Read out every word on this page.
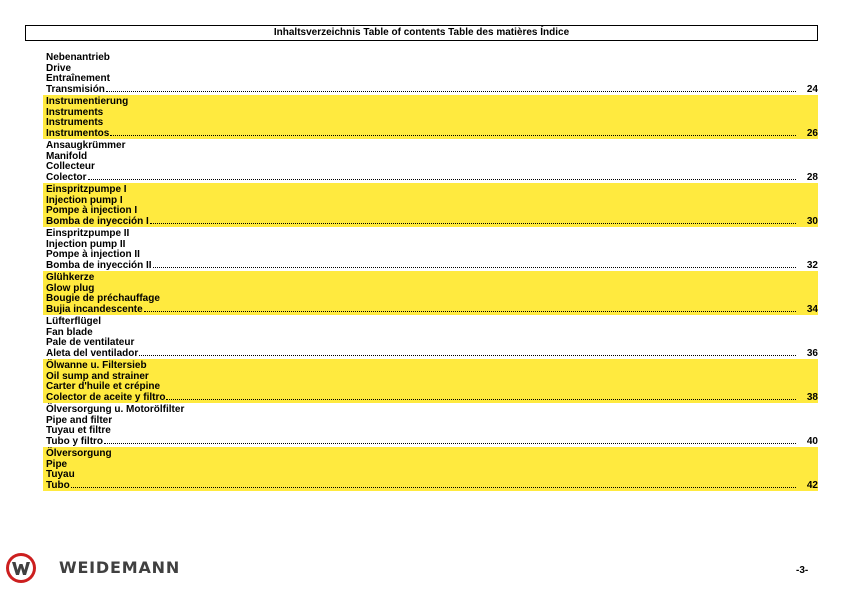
Inhaltsverzeichnis Table of contents Table des matières Índice
Nebenantrieb
Drive
Entraînement
Transmisión	24
Instrumentierung
Instruments
Instruments
Instrumentos	26
Ansaugkrümmer
Manifold
Collecteur
Colector	28
Einspritzpumpe I
Injection pump I
Pompe à injection I
Bomba de inyección I	30
Einspritzpumpe II
Injection pump II
Pompe à injection II
Bomba de inyección II	32
Glühkerze
Glow plug
Bougie de préchauffage
Bujia incandescente	34
Lüfterflügel
Fan blade
Pale de ventilateur
Aleta del ventilador	36
Ölwanne u. Filtersieb
Oil sump and strainer
Carter d'huile et crépine
Colector de aceite y filtro	38
Ölversorgung u. Motorölfilter
Pipe and filter
Tuyau et filtre
Tubo y filtro	40
Ölversorgung
Pipe
Tuyau
Tubo	42
WEIDEMANN	-3-
